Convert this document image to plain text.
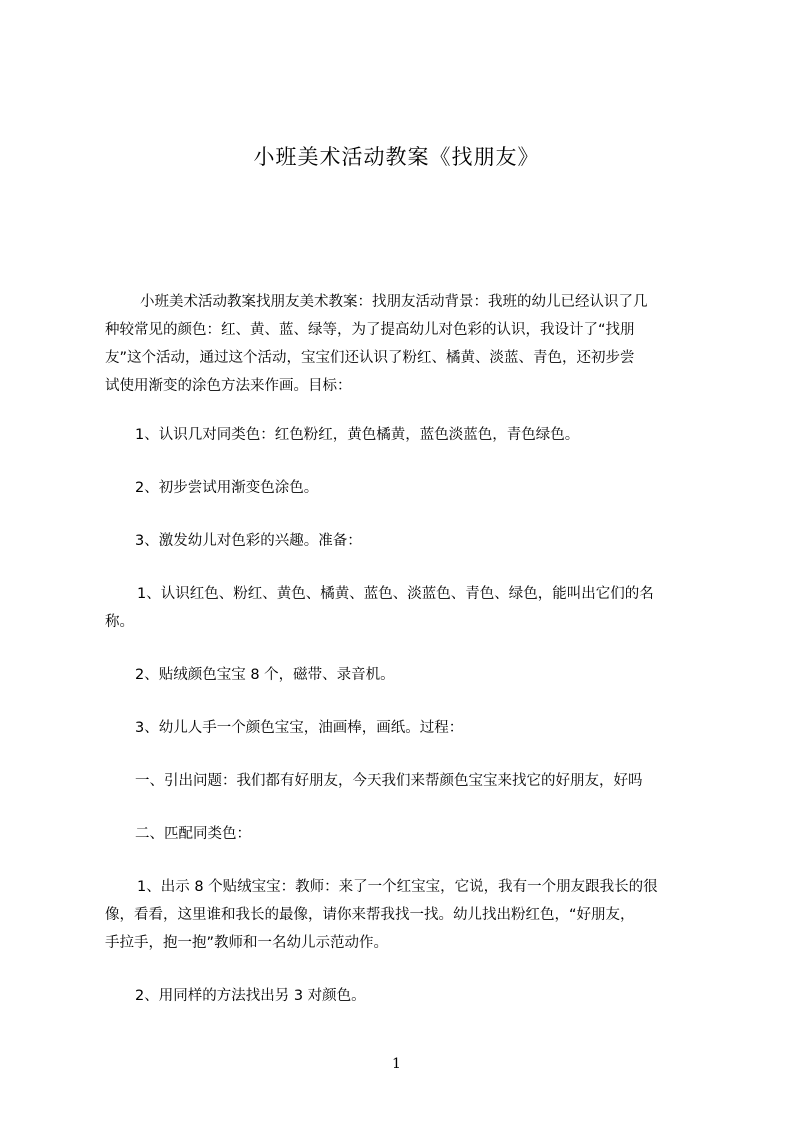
小班美术活动教案《找朋友》
小班美术活动教案找朋友美术教案：找朋友活动背景：我班的幼儿已经认识了几
种较常见的颜色：红、黄、蓝、绿等，为了提高幼儿对色彩的认识，我设计了“找朋
友”这个活动，通过这个活动，宝宝们还认识了粉红、橘黄、淡蓝、青色，还初步尝
试使用渐变的涂色方法来作画。目标：
1、认识几对同类色：红色粉红，黄色橘黄，蓝色淡蓝色，青色绿色。
2、初步尝试用渐变色涂色。
3、激发幼儿对色彩的兴趣。准备：
1、认识红色、粉红、黄色、橘黄、蓝色、淡蓝色、青色、绿色，能叫出它们的名
称。
2、贴绒颜色宝宝 8 个，磁带、录音机。
3、幼儿人手一个颜色宝宝，油画棒，画纸。过程：
一、引出问题：我们都有好朋友，今天我们来帮颜色宝宝来找它的好朋友，好吗
二、匹配同类色：
1、出示 8 个贴绒宝宝：教师：来了一个红宝宝，它说，我有一个朋友跟我长的很
像，看看，这里谁和我长的最像，请你来帮我找一找。幼儿找出粉红色，“好朋友，
手拉手，抱一抱”教师和一名幼儿示范动作。
2、用同样的方法找出另 3 对颜色。
1
